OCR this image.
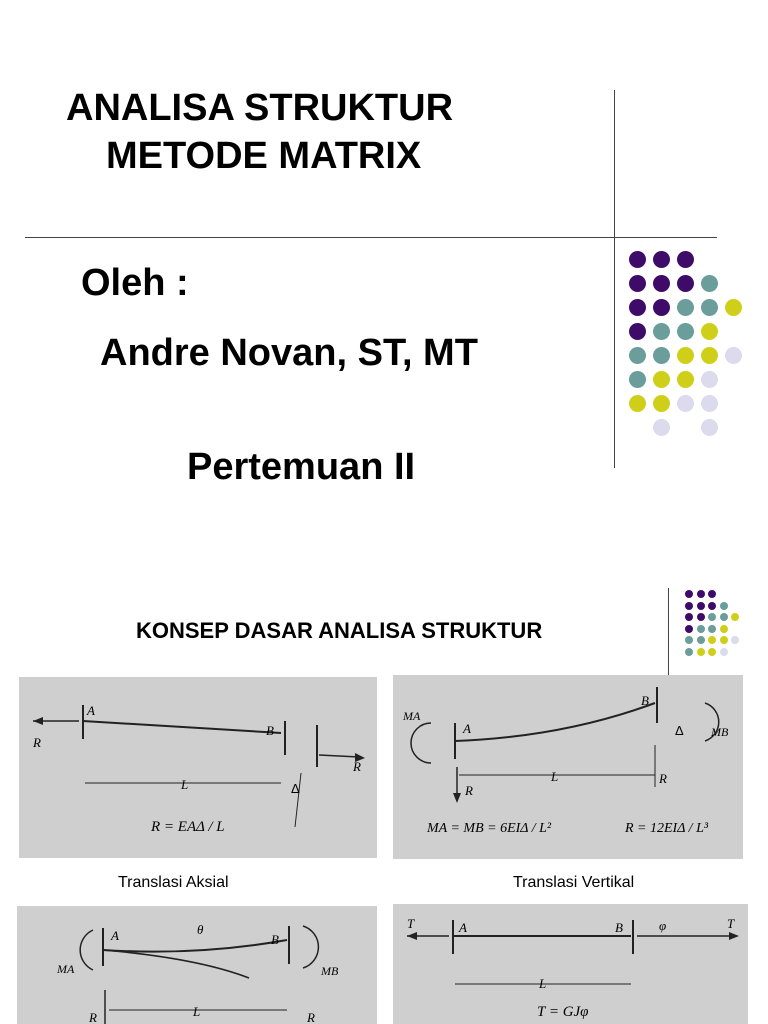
ANALISA STRUKTUR
METODE MATRIX
Oleh :
Andre Novan, ST, MT
Pertemuan II
KONSEP DASAR ANALISA STRUKTUR
A
B
R
R
L	Δ
R = EAΔ / L
Translasi Aksial
A
B
MA
MB
Δ
L
R
R
MA = MB = 6EIΔ / L²	R = 12EIΔ / L³
Translasi Vertikal
A	B
θ
MA	MB
L
R	R
T	T
A	B	φ
L
T = GJφ
